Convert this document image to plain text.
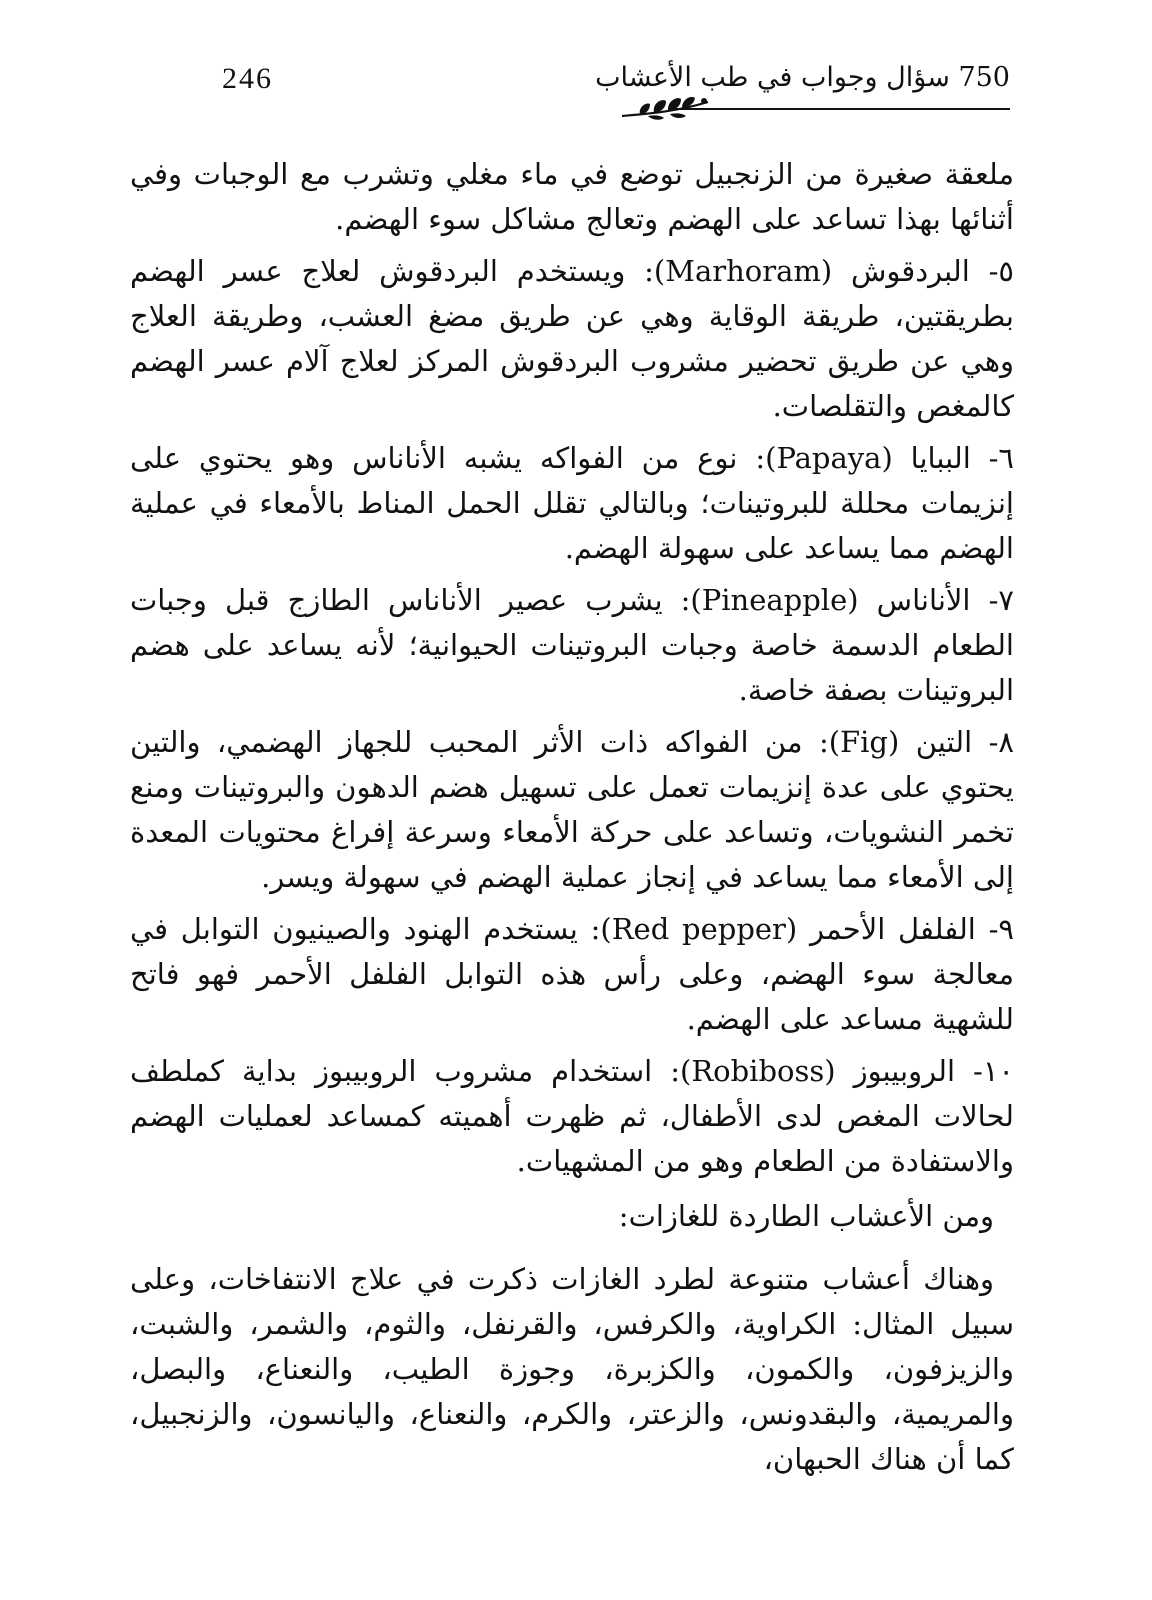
246	750 سؤال وجواب في طب الأعشاب

ملعقة صغيرة من الزنجبيل توضع في ماء مغلي وتشرب مع الوجبات وفي أثنائها بهذا تساعد على الهضم وتعالج مشاكل سوء الهضم.

٥- البردقوش (Marhoram): ويستخدم البردقوش لعلاج عسر الهضم بطريقتين، طريقة الوقاية وهي عن طريق مضغ العشب، وطريقة العلاج وهي عن طريق تحضير مشروب البردقوش المركز لعلاج آلام عسر الهضم كالمغص والتقلصات.

٦- الببايا (Papaya): نوع من الفواكه يشبه الأناناس وهو يحتوي على إنزيمات محللة للبروتينات؛ وبالتالي تقلل الحمل المناط بالأمعاء في عملية الهضم مما يساعد على سهولة الهضم.

٧- الأناناس (Pineapple): يشرب عصير الأناناس الطازج قبل وجبات الطعام الدسمة خاصة وجبات البروتينات الحيوانية؛ لأنه يساعد على هضم البروتينات بصفة خاصة.

٨- التين (Fig): من الفواكه ذات الأثر المحبب للجهاز الهضمي، والتين يحتوي على عدة إنزيمات تعمل على تسهيل هضم الدهون والبروتينات ومنع تخمر النشويات، وتساعد على حركة الأمعاء وسرعة إفراغ محتويات المعدة إلى الأمعاء مما يساعد في إنجاز عملية الهضم في سهولة ويسر.

٩- الفلفل الأحمر (Red pepper): يستخدم الهنود والصينيون التوابل في معالجة سوء الهضم، وعلى رأس هذه التوابل الفلفل الأحمر فهو فاتح للشهية مساعد على الهضم.

١٠- الروبيبوز (Robiboss): استخدام مشروب الروبيبوز بداية كملطف لحالات المغص لدى الأطفال، ثم ظهرت أهميته كمساعد لعمليات الهضم والاستفادة من الطعام وهو من المشهيات.

ومن الأعشاب الطاردة للغازات:

وهناك أعشاب متنوعة لطرد الغازات ذكرت في علاج الانتفاخات، وعلى سبيل المثال: الكراوية، والكرفس، والقرنفل، والثوم، والشمر، والشبت، والزيزفون، والكمون، والكزبرة، وجوزة الطيب، والنعناع، والبصل، والمريمية، والبقدونس، والزعتر، والكرم، والنعناع، واليانسون، والزنجبيل، كما أن هناك الحبهان،
